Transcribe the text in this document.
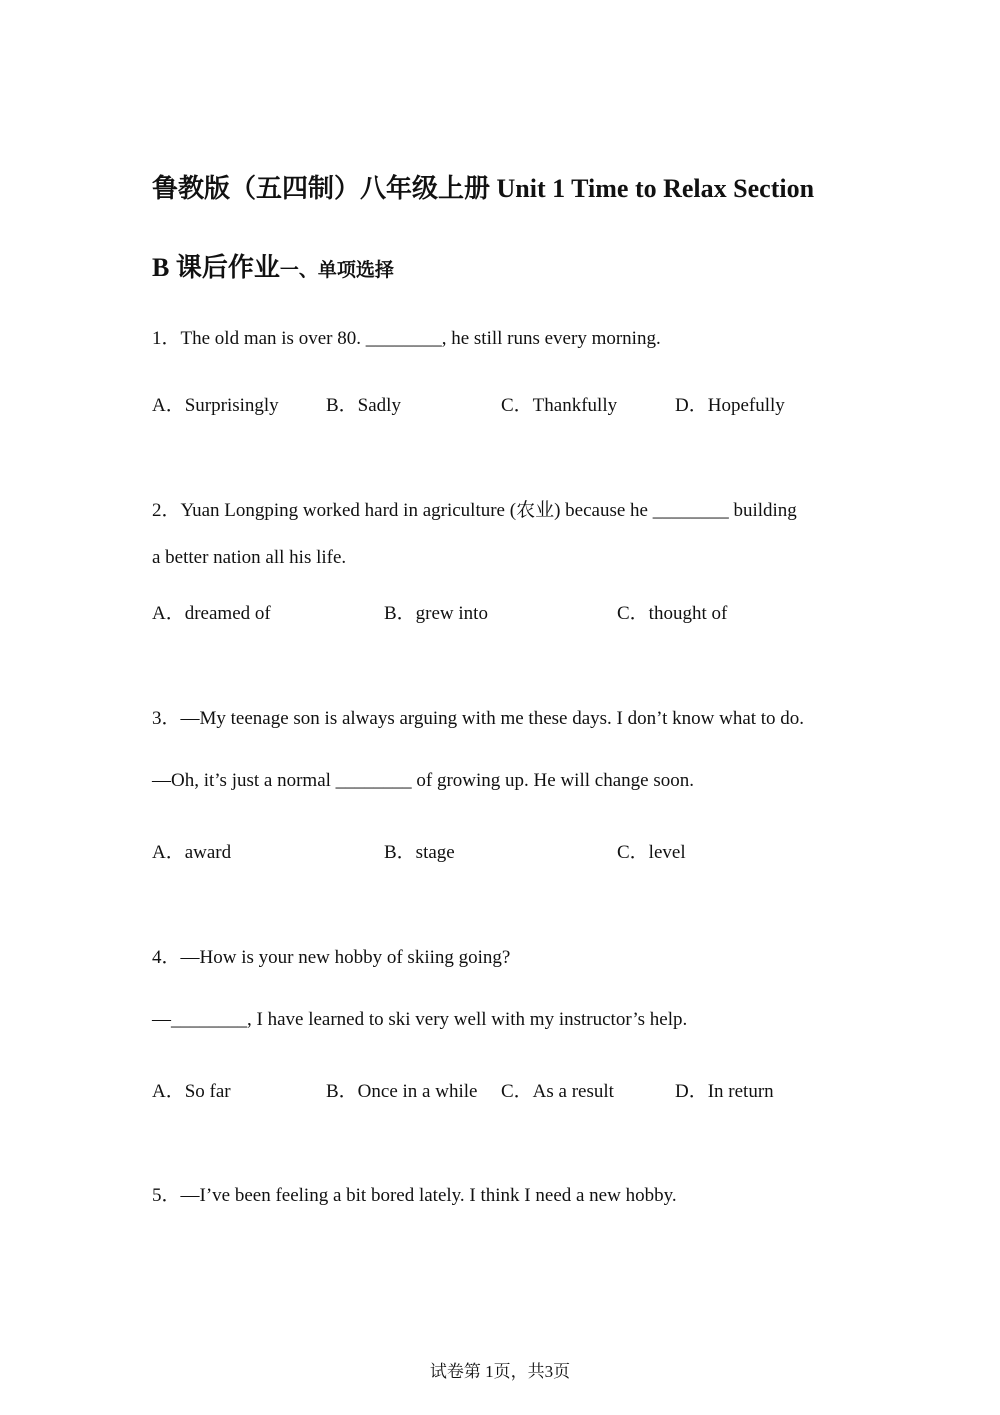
鲁教版（五四制）八年级上册 Unit 1 Time to Relax Section
B 课后作业一、单项选择
1．The old man is over 80. ________, he still runs every morning.
A．Surprisingly B．Sadly	C．Thankfully	D．Hopefully
2．Yuan Longping worked hard in agriculture (农业) because he ________ building
a better nation all his life.
A．dreamed of	B．grew into	C．thought of
3．—My teenage son is always arguing with me these days. I don’t know what to do.
—Oh, it’s just a normal ________ of growing up. He will change soon.
A．award	B．stage	C．level
4．—How is your new hobby of skiing going?
—________, I have learned to ski very well with my instructor’s help.
A．So far	B．Once in a while C．As a result	D．In return
5．—I’ve been feeling a bit bored lately. I think I need a new hobby.
试卷第 1页，共3页
